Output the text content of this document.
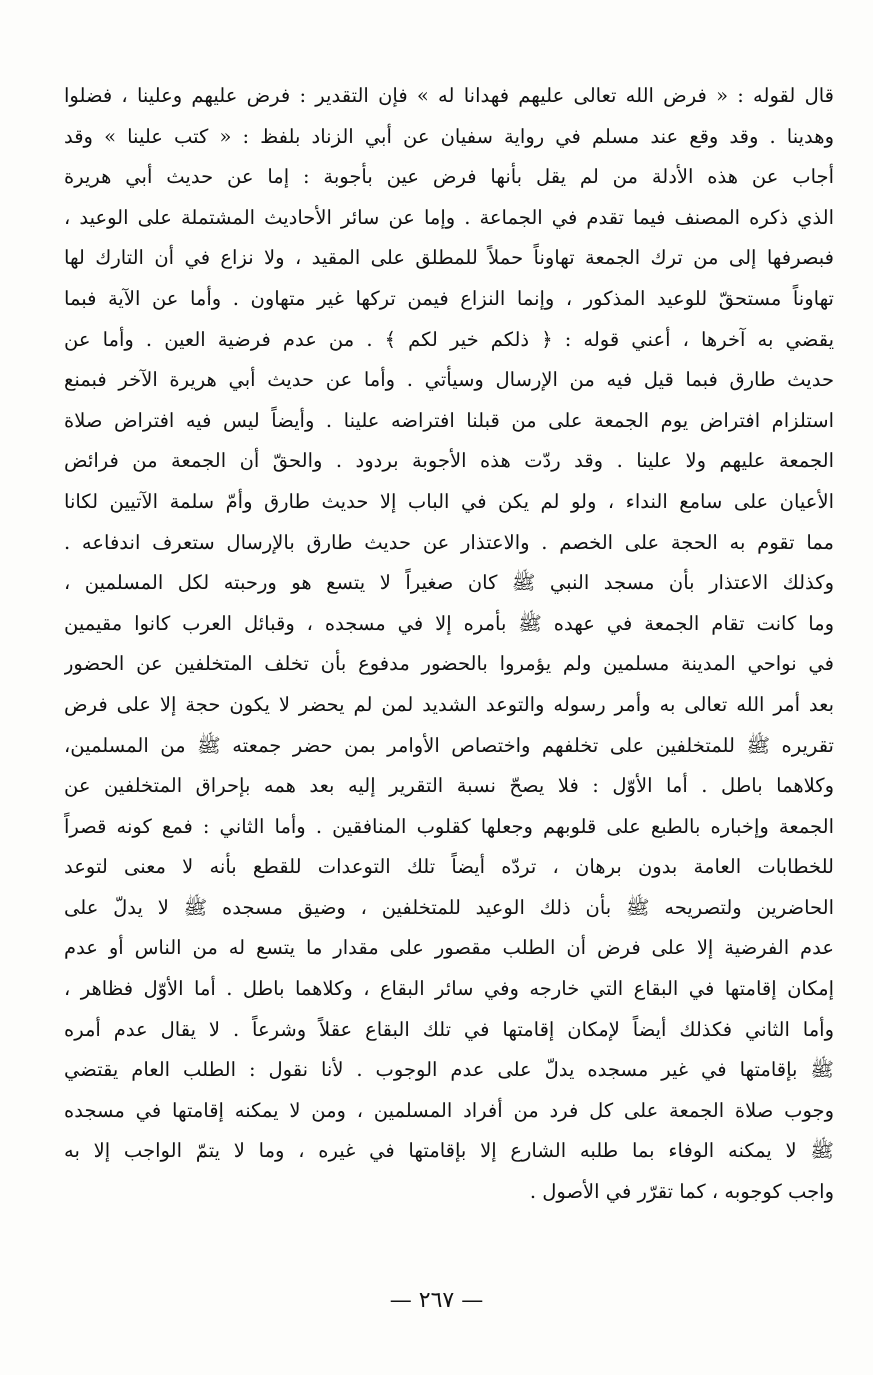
قال لقوله : « فرض الله تعالى عليهم فهدانا له » فإن التقدير : فرض عليهم وعلينا ، فضلوا
وهدينا . وقد وقع عند مسلم في رواية سفيان عن أبي الزناد بلفظ : « كتب علينا » وقد
أجاب عن هذه الأدلة من لم يقل بأنها فرض عين بأجوبة : إما عن حديث أبي هريرة
الذي ذكره المصنف فيما تقدم في الجماعة . وإما عن سائر الأحاديث المشتملة على الوعيد ،
فبصرفها إلى من ترك الجمعة تهاوناً حملاً للمطلق على المقيد ، ولا نزاع في أن التارك لها
تهاوناً مستحقّ للوعيد المذكور ، وإنما النزاع فيمن تركها غير متهاون . وأما عن الآية فبما
يقضي به آخرها ، أعني قوله : ﴿ ذلكم خير لكم ﴾ . من عدم فرضية العين . وأما عن
حديث طارق فبما قيل فيه من الإرسال وسيأتي . وأما عن حديث أبي هريرة الآخر فبمنع
استلزام افتراض يوم الجمعة على من قبلنا افتراضه علينا . وأيضاً ليس فيه افتراض صلاة
الجمعة عليهم ولا علينا . وقد ردّت هذه الأجوبة بردود . والحقّ أن الجمعة من فرائض
الأعيان على سامع النداء ، ولو لم يكن في الباب إلا حديث طارق وأمّ سلمة الآتيين لكانا
مما تقوم به الحجة على الخصم . والاعتذار عن حديث طارق بالإرسال ستعرف اندفاعه .
وكذلك الاعتذار بأن مسجد النبي ﷺ كان صغيراً لا يتسع هو ورحبته لكل المسلمين ،
وما كانت تقام الجمعة في عهده ﷺ بأمره إلا في مسجده ، وقبائل العرب كانوا مقيمين
في نواحي المدينة مسلمين ولم يؤمروا بالحضور مدفوع بأن تخلف المتخلفين عن الحضور
بعد أمر الله تعالى به وأمر رسوله والتوعد الشديد لمن لم يحضر لا يكون حجة إلا على فرض
تقريره ﷺ للمتخلفين على تخلفهم واختصاص الأوامر بمن حضر جمعته ﷺ من المسلمين،
وكلاهما باطل . أما الأوّل : فلا يصحّ نسبة التقرير إليه بعد همه بإحراق المتخلفين عن
الجمعة وإخباره بالطبع على قلوبهم وجعلها كقلوب المنافقين . وأما الثاني : فمع كونه قصراً
للخطابات العامة بدون برهان ، تردّه أيضاً تلك التوعدات للقطع بأنه لا معنى لتوعد
الحاضرين ولتصريحه ﷺ بأن ذلك الوعيد للمتخلفين ، وضيق مسجده ﷺ لا يدلّ على
عدم الفرضية إلا على فرض أن الطلب مقصور على مقدار ما يتسع له من الناس أو عدم
إمكان إقامتها في البقاع التي خارجه وفي سائر البقاع ، وكلاهما باطل . أما الأوّل فظاهر ،
وأما الثاني فكذلك أيضاً لإمكان إقامتها في تلك البقاع عقلاً وشرعاً . لا يقال عدم أمره
ﷺ بإقامتها في غير مسجده يدلّ على عدم الوجوب . لأنا نقول : الطلب العام يقتضي
وجوب صلاة الجمعة على كل فرد من أفراد المسلمين ، ومن لا يمكنه إقامتها في مسجده
ﷺ لا يمكنه الوفاء بما طلبه الشارع إلا بإقامتها في غيره ، وما لا يتمّ الواجب إلا به
واجب كوجوبه ، كما تقرّر في الأصول .
— ٢٦٧ —
